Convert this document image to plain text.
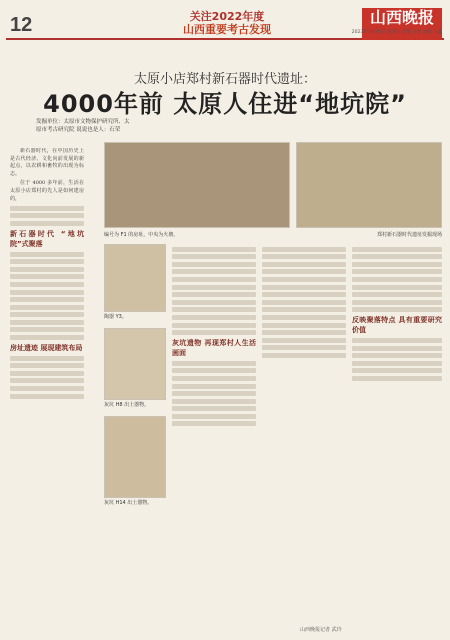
12	关注2022年度
山西重要考古发现
山西晚报
2023年3月10日 星期五 责编 王勇 美编 王鑫
太原小店郑村新石器时代遗址：
4000年前 太原人住进“地坑院”
发掘单位：太原市文物保护研究所、太原市考古研究院 说说也是人：石荣

新石器时代，在中国历史上是古代经济、文化向前发展的新起点，以农耕和畜牧的出现为标志。

位于 4000 多年前，生活在太原小店郑村的先人是如何建房的，

新石器时代 “地坑院”式聚落
房址遗迹 展现建筑布局
编号为 F1 的房址，中央为火塘。	郑村新石器时代遗址发掘现场
陶器 Y3。
灰坑 H8 出土器物。
灰坑 H14 出土器物。
灰坑遗物 再现郑村人生活画面
反映聚落特点 具有重要研究价值
山西晚报记者 武玲
